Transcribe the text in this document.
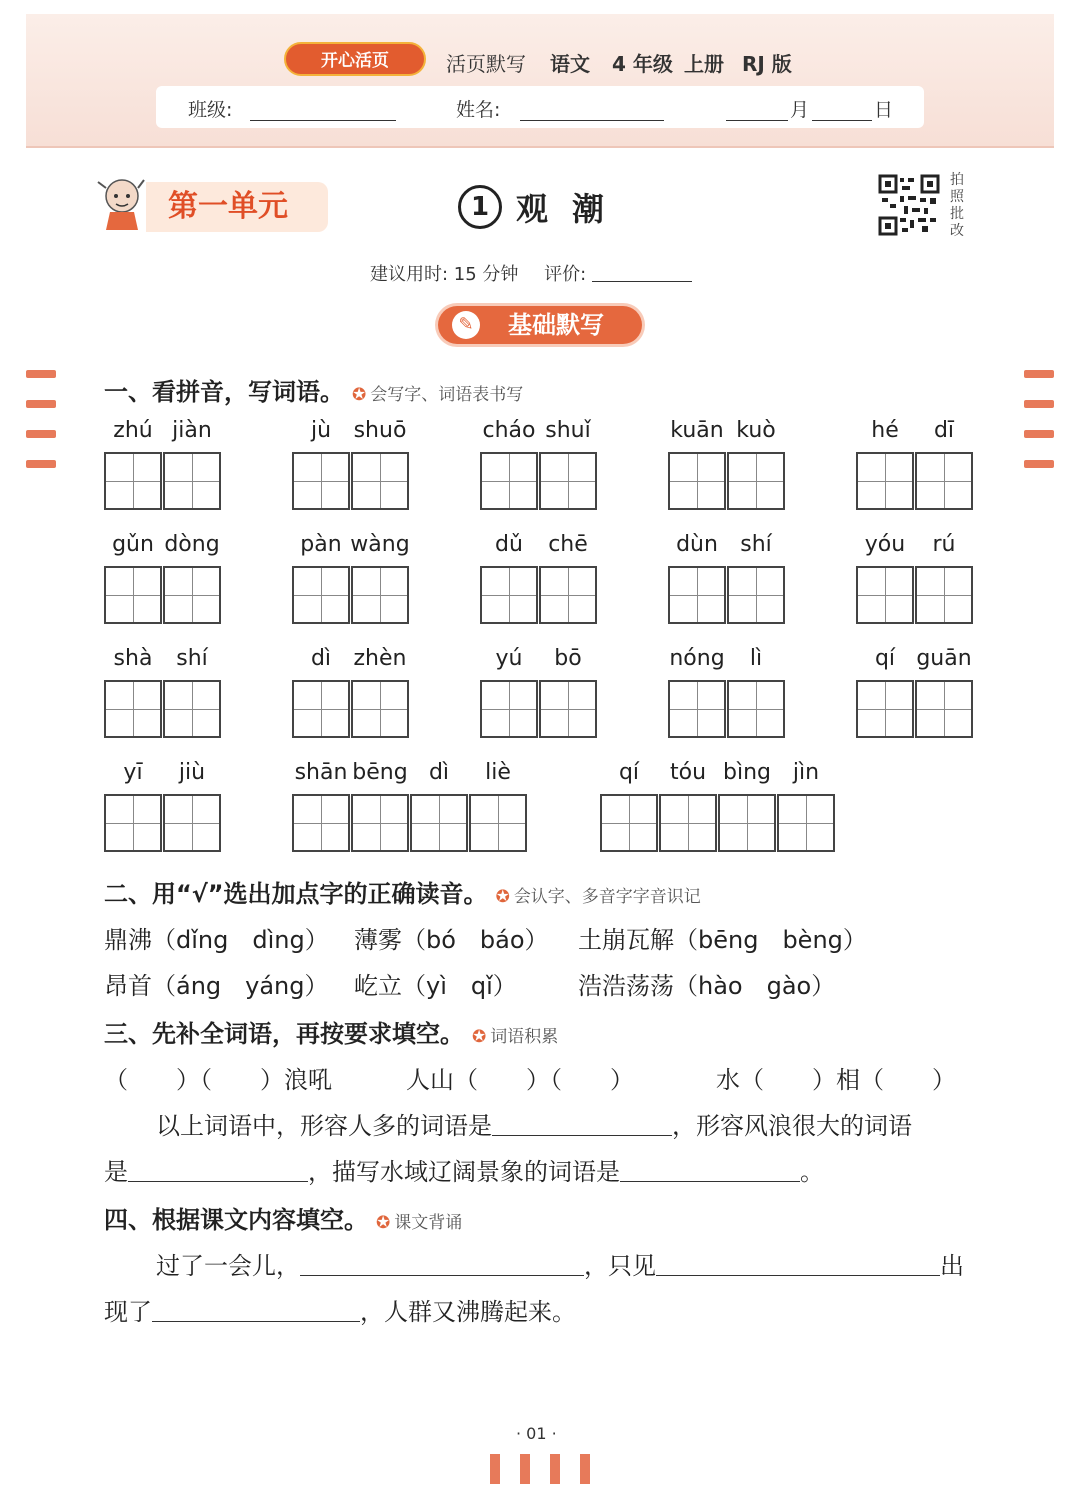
开心活页	活页默写 语文 4 年级 上册 RJ 版
班级:	姓名:	月	日
第一单元	1 观潮
拍照批改
建议用时: 15 分钟 评价:
✎ 基础默写
一、看拼音，写词语。 ✪ 会写字、词语表书写
zhú jiàn	jù shuō	cháo shuǐ	kuān kuò	hé dī
gǔn dòng	pàn wàng	dǔ chē	dùn shí	yóu rú
shà shí	dì zhèn	yú bō	nóng lì	qí guān
yī jiù	shān bēng dì liè	qí tóu bìng jìn
二、用“√”选出加点字的正确读音。 ✪ 会认字、多音字字音识记
鼎沸（dǐng　dìng） 薄雾（bó　báo） 土崩瓦解（bēng　bèng）
昂首（áng　yáng） 屹立（yì　qǐ）	浩浩荡荡（hào　gào）
三、先补全词语，再按要求填空。 ✪ 词语积累
（　　）（　　）浪吼	人山（　　）（　　）	水（　　）相（　　）
以上词语中，形容人多的词语是	，形容风浪很大的词语
是	，描写水域辽阔景象的词语是	。
四、根据课文内容填空。 ✪ 课文背诵
过了一会儿，	，只见	出
现了	，人群又沸腾起来。
· 01 ·
